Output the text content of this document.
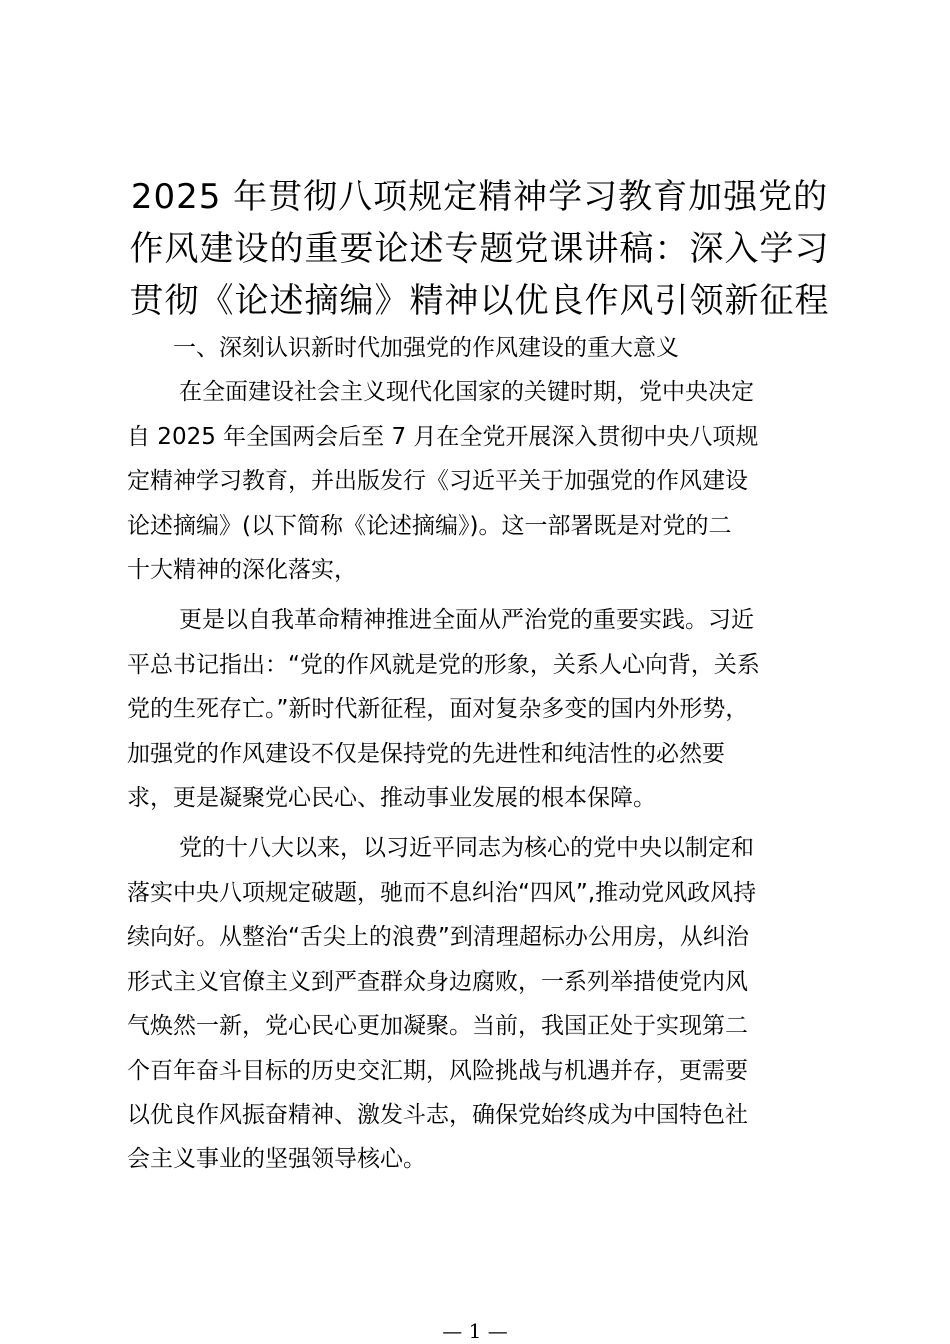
2025 年贯彻八项规定精神学习教育加强党的
作风建设的重要论述专题党课讲稿：深入学习
贯彻《论述摘编》精神以优良作风引领新征程

一、深刻认识新时代加强党的作风建设的重大意义

在全面建设社会主义现代化国家的关键时期，党中央决定
自 2025 年全国两会后至 7 月在全党开展深入贯彻中央八项规
定精神学习教育，并出版发行《习近平关于加强党的作风建设
论述摘编》(以下简称《论述摘编》)。这一部署既是对党的二
十大精神的深化落实，

更是以自我革命精神推进全面从严治党的重要实践。习近
平总书记指出：“党的作风就是党的形象，关系人心向背，关系
党的生死存亡。”新时代新征程，面对复杂多变的国内外形势，
加强党的作风建设不仅是保持党的先进性和纯洁性的必然要
求，更是凝聚党心民心、推动事业发展的根本保障。

党的十八大以来，以习近平同志为核心的党中央以制定和
落实中央八项规定破题，驰而不息纠治“四风”,推动党风政风持
续向好。从整治“舌尖上的浪费”到清理超标办公用房，从纠治
形式主义官僚主义到严查群众身边腐败，一系列举措使党内风
气焕然一新，党心民心更加凝聚。当前，我国正处于实现第二
个百年奋斗目标的历史交汇期，风险挑战与机遇并存，更需要
以优良作风振奋精神、激发斗志，确保党始终成为中国特色社
会主义事业的坚强领导核心。

— 1 —
